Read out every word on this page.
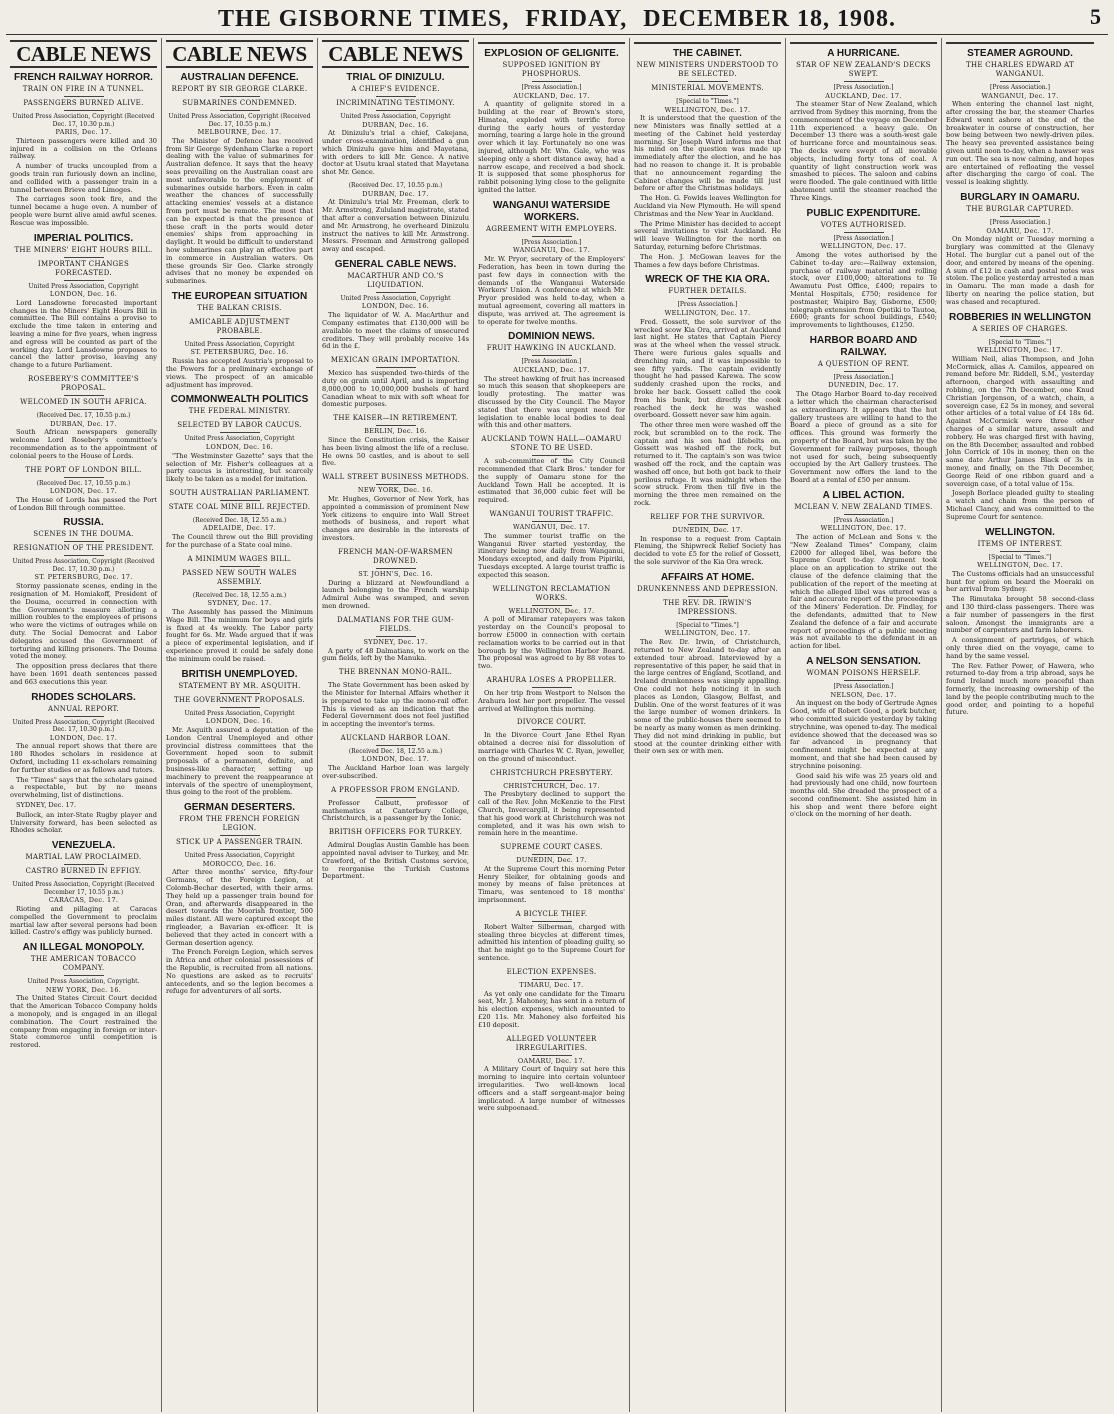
THE GISBORNE TIMES, FRIDAY, DECEMBER 18, 1908.	5
CABLE NEWS
FRENCH RAILWAY HORROR.
TRAIN ON FIRE IN A TUNNEL.
PASSENGERS BURNED ALIVE.
United Press Association, Copyright (Received Dec. 17, 10.30 p.m.)
PARIS, Dec. 17.
Thirteen passengers were killed and 30 injured in a collision on the Orleans railway.
A number of trucks uncoupled from a goods train ran furiously down an incline, and collided with a passenger train in a tunnel between Brieve and Limoges.
The carriages soon took fire, and the tunnel became a huge oven. A number of people were burnt alive amid awful scenes. Rescue was impossible.
IMPERIAL POLITICS.
THE MINERS' EIGHT HOURS BILL.
IMPORTANT CHANGES FORECASTED.
United Press Association, Copyright
LONDON, Dec. 16.
Lord Lansdowne forecasted important changes in the Miners' Eight Hours Bill in committee. The Bill contains a proviso to exclude the time taken in entering and leaving a mine for five years, when ingress and egress will be counted as part of the working day. Lord Lansdowne proposes to cancel the latter proviso, leaving any change to a future Parliament.
ROSEBERY'S COMMITTEE'S PROPOSAL.
WELCOMED IN SOUTH AFRICA.
(Received Dec. 17, 10.55 p.m.)
DURBAN, Dec. 17.
South African newspapers generally welcome Lord Rosebery's committee's recommendation as to the appointment of colonial peers to the House of Lords.
THE PORT OF LONDON BILL.
(Received Dec. 17, 10.55 p.m.)
LONDON, Dec. 17.
The House of Lords has passed the Port of London Bill through committee.
RUSSIA.
SCENES IN THE DOUMA.
RESIGNATION OF THE PRESIDENT.
United Press Association, Copyright (Received Dec. 17, 10.30 p.m.)
ST. PETERSBURG, Dec. 17.
Stormy passionate scenes, ending in the resignation of M. Homiakoff, President of the Douma, occurred in connection with the Government's measure allotting a million roubles to the employees of prisons who were the victims of outrages while on duty. The Social Democrat and Labor delegates accused the Government of torturing and killing prisoners. The Douma voted the money.
The opposition press declares that there have been 1691 death sentences passed and 663 executions this year.
RHODES SCHOLARS.
ANNUAL REPORT.
United Press Association, Copyright (Received Dec. 17, 10.30 p.m.)
LONDON, Dec. 17.
The annual report shows that there are 180 Rhodes scholars in residence at Oxford, including 11 ex-scholars remaining for further studies or as fellows and tutors.
The "Times" says that the scholars gained a respectable, but by no means overwhelming, list of distinctions.
SYDNEY, Dec. 17.
Bullock, an inter-State Rugby player and University forward, has been selected as Rhodes scholar.
VENEZUELA.
MARTIAL LAW PROCLAIMED.
CASTRO BURNED IN EFFIGY.
United Press Association, Copyright (Received December 17, 10.55 p.m.)
CARACAS, Dec. 17.
Rioting and pillaging at Caracas compelled the Government to proclaim martial law after several persons had been killed. Castro's effigy was publicly burned.
AN ILLEGAL MONOPOLY.
THE AMERICAN TOBACCO COMPANY.
United Press Association, Copyright.
NEW YORK, Dec. 16.
The United States Circuit Court decided that the American Tobacco Company holds a monopoly, and is engaged in an illegal combination. The Court restrained the company from engaging in foreign or inter-State commerce until competition is restored.
CABLE NEWS
AUSTRALIAN DEFENCE.
REPORT BY SIR GEORGE CLARKE.
SUBMARINES CONDEMNED.
United Press Association, Copyright (Received Dec. 17, 10.55 p.m.)
MELBOURNE, Dec. 17.
The Minister of Defence has received from Sir George Sydenham Clarke a report dealing with the value of submarines for Australian defence. It says that the heavy seas prevailing on the Australian coast are most unfavorable to the employment of submarines outside harbors. Even in calm weather the chances of successfully attacking enemies' vessels at a distance from port must be remote. The most that can be expected is that the presence of these craft in the ports would deter enemies' ships from approaching in daylight. It would be difficult to understand how submarines can play an effective part in commerce in Australian waters. On these grounds Sir Geo. Clarke strongly advises that no money be expended on submarines.
THE EUROPEAN SITUATION
THE BALKAN CRISIS.
AMICABLE ADJUSTMENT PROBABLE.
United Press Association, Copyright
ST. PETERSBURG, Dec. 16.
Russia has accepted Austria's proposal to the Powers for a preliminary exchange of views. The prospect of an amicable adjustment has improved.
COMMONWEALTH POLITICS
THE FEDERAL MINISTRY.
SELECTED BY LABOR CAUCUS.
United Press Association, Copyright
LONDON, Dec. 16.
"The Westminster Gazette" says that the selection of Mr. Fisher's colleagues at a party caucus is interesting, but scarcely likely to be taken as a model for imitation.
SOUTH AUSTRALIAN PARLIAMENT.
STATE COAL MINE BILL REJECTED.
(Received Dec. 18, 12.55 a.m.)
ADELAIDE, Dec. 17.
The Council threw out the Bill providing for the purchase of a State coal mine.
A MINIMUM WAGES BILL.
PASSED NEW SOUTH WALES ASSEMBLY.
(Received Dec. 18, 12.55 a.m.)
SYDNEY, Dec. 17.
The Assembly has passed the Minimum Wage Bill. The minimum for boys and girls is fixed at 4s weekly. The Labor party fought for 6s. Mr. Wade argued that it was a piece of experimental legislation, and if experience proved it could be safely done the minimum could be raised.
BRITISH UNEMPLOYED.
STATEMENT BY MR. ASQUITH.
THE GOVERNMENT PROPOSALS.
United Press Association, Copyright
LONDON, Dec. 16.
Mr. Asquith assured a deputation of the London Central Unemployed and other provincial distress committees that the Government hoped soon to submit proposals of a permanent, definite, and business-like character, setting up machinery to prevent the reappearance at intervals of the spectre of unemployment, thus going to the root of the problem.
GERMAN DESERTERS.
FROM THE FRENCH FOREIGN LEGION.
STICK UP A PASSENGER TRAIN.
United Press Association, Copyright
MOROCCO, Dec. 16.
After three months' service, fifty-four Germans, of the Foreign Legion, at Colomb-Bechar deserted, with their arms. They held up a passenger train bound for Oran, and afterwards disappeared in the desert towards the Moorish frontier, 500 miles distant. All were captured except the ringleader, a Bavarian ex-officer. It is believed that they acted in concert with a German desertion agency.
The French Foreign Legion, which serves in Africa and other colonial possessions of the Republic, is recruited from all nations. No questions are asked as to recruits' antecedents, and so the legion becomes a refuge for adventurers of all sorts.
CABLE NEWS
TRIAL OF DINIZULU.
A CHIEF'S EVIDENCE.
INCRIMINATING TESTIMONY.
United Press Association, Copyright
DURBAN, Dec. 16.
At Dinizulu's trial a chief, Cakejana, under cross-examination, identified a gun which Dinizulu gave him and Mayetana, with orders to kill Mr. Gence. A native doctor at Usutu kraal stated that Mayetana shot Mr. Gence.
(Received Dec. 17, 10.55 p.m.)
DURBAN, Dec. 17.
At Dinizulu's trial Mr. Freeman, clerk to Mr. Armstrong, Zululand magistrate, stated that after a conversation between Dinizulu and Mr. Armstrong, he overheard Dinizulu instruct the natives to kill Mr. Armstrong. Messrs. Freeman and Armstrong galloped away and escaped.
GENERAL CABLE NEWS.
MACARTHUR AND CO.'S LIQUIDATION.
United Press Association, Copyright
LONDON, Dec. 16.
The liquidator of W. A. MacArthur and Company estimates that £130,000 will be available to meet the claims of unsecured creditors. They will probably receive 14s 6d in the £.
MEXICAN GRAIN IMPORTATION.
Mexico has suspended two-thirds of the duty on grain until April, and is importing 8,000,000 to 10,000,000 bushels of hard Canadian wheat to mix with soft wheat for domestic purposes.
THE KAISER—IN RETIREMENT.
BERLIN, Dec. 16.
Since the Constitution crisis, the Kaiser has been living almost the life of a recluse. He owns 50 castles, and is about to sell five.
WALL STREET BUSINESS METHODS.
NEW YORK, Dec. 16.
Mr. Hughes, Governor of New York, has appointed a commission of prominent New York citizens to enquire into Wall Street methods of business, and report what changes are desirable in the interests of investors.
FRENCH MAN-OF-WARSMEN DROWNED.
ST. JOHN'S, Dec. 16.
During a blizzard at Newfoundland a launch belonging to the French warship Admiral Aube was swamped, and seven men drowned.
DALMATIANS FOR THE GUM-FIELDS.
SYDNEY, Dec. 17.
A party of 48 Dalmatians, to work on the gum fields, left by the Manuka.
THE BRENNAN MONO-RAIL.
The State Government has been asked by the Minister for Internal Affairs whether it is prepared to take up the mono-rail offer. This is viewed as an indication that the Federal Government does not feel justified in accepting the inventor's terms.
AUCKLAND HARBOR LOAN.
(Received Dec. 18, 12.55 a.m.)
LONDON, Dec. 17.
The Auckland Harbor loan was largely over-subscribed.
A PROFESSOR FROM ENGLAND.
Professor Calbutt, professor of mathematics at Canterbury College, Christchurch, is a passenger by the Ionic.
BRITISH OFFICERS FOR TURKEY.
Admiral Douglas Austin Gamble has been appointed naval adviser to Turkey, and Mr. Crawford, of the British Customs service, to reorganise the Turkish Customs Department.
EXPLOSION OF GELIGNITE.
SUPPOSED IGNITION BY PHOSPHORUS.
[Press Association.]
AUCKLAND, Dec. 17.
A quantity of gelignite stored in a building at the rear of Brown's store, Himatea, exploded with terrific force during the early hours of yesterday morning, tearing a large hole in the ground over which it lay. Fortunately no one was injured, although Mr. Wm. Gale, who was sleeping only a short distance away, had a narrow escape, and received a bad shock. It is supposed that some phosphorus for rabbit poisoning lying close to the gelignite ignited the latter.
WANGANUI WATERSIDE WORKERS.
AGREEMENT WITH EMPLOYERS.
[Press Association.]
WANGANUI, Dec. 17.
Mr. W. Pryor, secretary of the Employers' Federation, has been in town during the past few days in connection with the demands of the Wanganui Waterside Workers' Union. A conference at which Mr. Pryor presided was held to-day, when a mutual agreement, covering all matters in dispute, was arrived at. The agreement is to operate for twelve months.
DOMINION NEWS.
FRUIT HAWKING IN AUCKLAND.
[Press Association.]
AUCKLAND, Dec. 17.
The street hawking of fruit has increased so much this season that shopkeepers are loudly protesting. The matter was discussed by the City Council. The Mayor stated that there was urgent need for legislation to enable local bodies to deal with this and other matters.
AUCKLAND TOWN HALL—OAMARU STONE TO BE USED.
A sub-committee of the City Council recommended that Clark Bros.' tender for the supply of Oamaru stone for the Auckland Town Hall be accepted. It is estimated that 36,000 cubic feet will be required.
WANGANUI TOURIST TRAFFIC.
WANGANUI, Dec. 17.
The summer tourist traffic on the Wanganui River started yesterday, the itinerary being now daily from Wanganui, Mondays excepted, and daily from Pipiriki, Tuesdays excepted. A large tourist traffic is expected this season.
WELLINGTON RECLAMATION WORKS.
WELLINGTON, Dec. 17.
A poll of Miramar ratepayers was taken yesterday on the Council's proposal to borrow £5000 in connection with certain reclamation works to be carried out in that borough by the Wellington Harbor Board. The proposal was agreed to by 88 votes to two.
ARAHURA LOSES A PROPELLER.
On her trip from Westport to Nelson the Arahura lost her port propeller. The vessel arrived at Wellington this morning.
DIVORCE COURT.
In the Divorce Court Jane Ethel Ryan obtained a decree nisi for dissolution of marriage with Charles W. C. Ryan, jeweller, on the ground of misconduct.
CHRISTCHURCH PRESBYTERY.
CHRISTCHURCH, Dec. 17.
The Presbytery declined to support the call of the Rev. John McKenzie to the First Church, Invercargill, it being represented that his good work at Christchurch was not completed, and it was his own wish to remain here in the meantime.
SUPREME COURT CASES.
DUNEDIN, Dec. 17.
At the Supreme Court this morning Peter Henry Sleiker, for obtaining goods and money by means of false pretences at Timaru, was sentenced to 18 months' imprisonment.
A BICYCLE THIEF.
Robert Walter Silberman, charged with stealing three bicycles at different times, admitted his intention of pleading guilty, so that he might go to the Supreme Court for sentence.
ELECTION EXPENSES.
TIMARU, Dec. 17.
As yet only one candidate for the Timaru seat, Mr. J. Mahoney, has sent in a return of his election expenses, which amounted to £20 11s. Mr. Mahoney also forfeited his £10 deposit.
ALLEGED VOLUNTEER IRREGULARITIES.
OAMARU, Dec. 17.
A Military Court of Inquiry sat here this morning to inquire into certain volunteer irregularities. Two well-known local officers and a staff sergeant-major being implicated. A large number of witnesses were subpoenaed.
THE CABINET.
NEW MINISTERS UNDERSTOOD TO BE SELECTED.
MINISTERIAL MOVEMENTS.
[Special to "Times."]
WELLINGTON, Dec. 17.
It is understood that the question of the new Ministers was finally settled at a meeting of the Cabinet held yesterday morning. Sir Joseph Ward informs me that his mind on the question was made up immediately after the election, and he has had no reason to change it. It is probable that no announcement regarding the Cabinet changes will be made till just before or after the Christmas holidays.
The Hon. G. Fowlds leaves Wellington for Auckland via New Plymouth. He will spend Christmas and the New Year in Auckland.
The Prime Minister has decided to accept several invitations to visit Auckland. He will leave Wellington for the north on Saturday, returning before Christmas.
The Hon. J. McGowan leaves for the Thames a few days before Christmas.
WRECK OF THE KIA ORA.
FURTHER DETAILS.
[Press Association.]
WELLINGTON, Dec. 17.
Fred. Gossett, the sole survivor of the wrecked scow Kia Ora, arrived at Auckland last night. He states that Captain Piercy was at the wheel when the vessel struck. There were furious gales squalls and drenching rain, and it was impossible to see fifty yards. The captain evidently thought he had passed Karewa. The scow suddenly crashed upon the rocks, and broke her back. Gossett called the cook from his bunk, but directly the cook reached the deck he was washed overboard. Gossett never saw him again.
The other three men were washed off the rock, but scrambled on to the rock. The captain and his son had lifebelts on. Gossett was washed off the rock, but returned to it. The captain's son was twice washed off the rock, and the captain was washed off once, but both got back to their perilous refuge. It was midnight when the scow struck. From then till five in the morning the three men remained on the rock.
RELIEF FOR THE SURVIVOR.
DUNEDIN, Dec. 17.
In response to a request from Captain Fleming, the Shipwreck Relief Society has decided to vote £5 for the relief of Gossett, the sole survivor of the Kia Ora wreck.
AFFAIRS AT HOME.
DRUNKENNESS AND DEPRESSION.
THE REV. DR. IRWIN'S IMPRESSIONS.
[Special to "Times."]
WELLINGTON, Dec. 17.
The Rev. Dr. Irwin, of Christchurch, returned to New Zealand to-day after an extended tour abroad. Interviewed by a representative of this paper, he said that in the large centres of England, Scotland, and Ireland drunkenness was simply appalling. One could not help noticing it in such places as London, Glasgow, Belfast, and Dublin. One of the worst features of it was the large number of women drinkers. In some of the public-houses there seemed to be nearly as many women as men drinking. They did not mind drinking in public, but stood at the counter drinking either with their own sex or with men.
A HURRICANE.
STAR OF NEW ZEALAND'S DECKS SWEPT.
[Press Association.]
AUCKLAND, Dec. 17.
The steamer Star of New Zealand, which arrived from Sydney this morning, from the commencement of the voyage on December 11th experienced a heavy gale. On December 13 there was a south-west gale of hurricane force and mountainous seas. The decks were swept of all movable objects, including forty tons of coal. A quantity of light construction work was smashed to pieces. The saloon and cabins were flooded. The gale continued with little abatement until the steamer reached the Three Kings.
PUBLIC EXPENDITURE.
VOTES AUTHORISED.
[Press Association.]
WELLINGTON, Dec. 17.
Among the votes authorised by the Cabinet to-day are:—Railway extension, purchase of railway material and rolling stock, over £100,000; alterations to Te Awamutu Post Office, £400; repairs to Mental Hospitals, £750; residence for postmaster, Waipiro Bay, Gisborne, £500; telegraph extension from Opotiki to Tautoa, £600; grants for school buildings, £540; improvements to lighthouses, £1250.
HARBOR BOARD AND RAILWAY.
A QUESTION OF RENT.
[Press Association.]
DUNEDIN, Dec. 17.
The Otago Harbor Board to-day received a letter which the chairman characterised as extraordinary. It appears that the hut gallery trustees are willing to hand to the Board a piece of ground as a site for offices. This ground was formerly the property of the Board, but was taken by the Government for railway purposes, though not used for such, being subsequently occupied by the Art Gallery trustees. The Government now offers the land to the Board at a rental of £50 per annum.
A LIBEL ACTION.
MCLEAN V. NEW ZEALAND TIMES.
[Press Association.]
WELLINGTON, Dec. 17.
The action of McLean and Sons v. the "New Zealand Times" Company, claim £2000 for alleged libel, was before the Supreme Court to-day. Argument took place on an application to strike out the clause of the defence claiming that the publication of the report of the meeting at which the alleged libel was uttered was a fair and accurate report of the proceedings of the Miners' Federation. Dr. Findlay, for the defendants, admitted that to New Zealand the defence of a fair and accurate report of proceedings of a public meeting was not available to the defendant in an action for libel.
A NELSON SENSATION.
WOMAN POISONS HERSELF.
[Press Association.]
NELSON, Dec. 17.
An inquest on the body of Gertrude Agnes Good, wife of Robert Good, a pork butcher, who committed suicide yesterday by taking strychnine, was opened to-day. The medical evidence showed that the deceased was so far advanced in pregnancy that confinement might be expected at any moment, and that she had been caused by strychnine poisoning.
Good said his wife was 25 years old and had previously had one child, now fourteen months old. She dreaded the prospect of a second confinement. She assisted him in his shop and went there before eight o'clock on the morning of her death.
STEAMER AGROUND.
THE CHARLES EDWARD AT WANGANUI.
[Press Association.]
WANGANUI, Dec. 17.
When entering the channel last night, after crossing the bar, the steamer Charles Edward went ashore at the end of the breakwater in course of construction, her bow being between two newly-driven piles. The heavy sea prevented assistance being given until noon to-day, when a hawser was run out. The sea is now calming, and hopes are entertained of refloating the vessel after discharging the cargo of coal. The vessel is leaking slightly.
BURGLARY IN OAMARU.
THE BURGLAR CAPTURED.
[Press Association.]
OAMARU, Dec. 17.
On Monday night or Tuesday morning a burglary was committed at the Glenavy Hotel. The burglar cut a panel out of the door, and entered by means of the opening. A sum of £12 in cash and postal notes was stolen. The police yesterday arrested a man in Oamaru. The man made a dash for liberty on nearing the police station, but was chased and recaptured.
ROBBERIES IN WELLINGTON
A SERIES OF CHARGES.
[Special to "Times."]
WELLINGTON, Dec. 17.
William Neil, alias Thompson, and John McCormick, alias A. Camilos, appeared on remand before Mr. Riddell, S.M., yesterday afternoon, charged with assaulting and robbing, on the 7th December, one Knud Christian Jorgenson, of a watch, chain, a sovereign case, £2 5s in money, and several other articles of a total value of £4 18s 6d. Against McCormick were three other charges of a similar nature, assault and robbery. He was charged first with having, on the 8th December, assaulted and robbed John Corrick of 10s in money, then on the same date Arthur James Black of 3s in money, and finally, on the 7th December, George Reid of one ribbon guard and a sovereign case, of a total value of 15s.
Joseph Borlace pleaded guilty to stealing a watch and chain from the person of Michael Clancy, and was committed to the Supreme Court for sentence.
WELLINGTON.
ITEMS OF INTEREST.
[Special to "Times."]
WELLINGTON, Dec. 17.
The Customs officials had an unsuccessful hunt for opium on board the Moeraki on her arrival from Sydney.
The Rimutaka brought 58 second-class and 130 third-class passengers. There was a fair number of passengers in the first saloon. Amongst the immigrants are a number of carpenters and farm laborers.
A consignment of partridges, of which only three died on the voyage, came to hand by the same vessel.
The Rev. Father Power, of Hawera, who returned to-day from a trip abroad, says he found Ireland much more peaceful than formerly, the increasing ownership of the land by the people contributing much to the good order, and pointing to a hopeful future.
